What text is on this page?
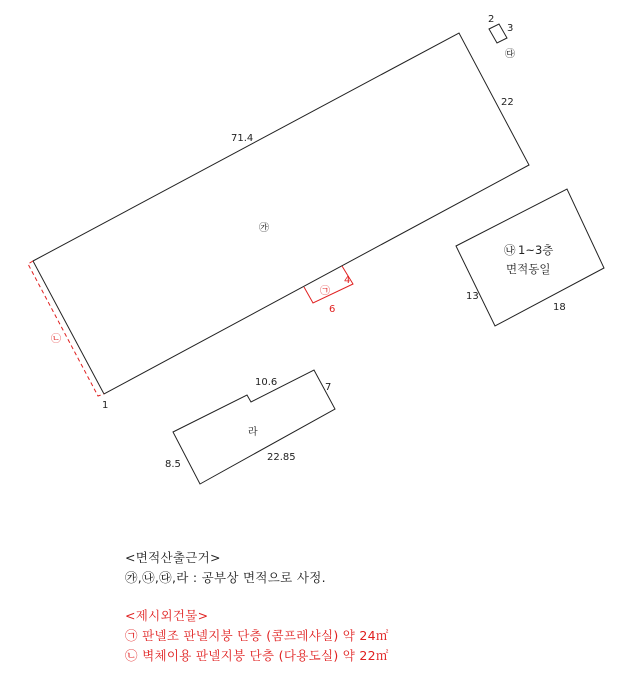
71.4
22
1
㉮
㉠
4
6
㉡
㉯ 1~3층
면적동일
13
18
2
3
㉰
10.6	7
라
8.5
22.85
<면적산출근거>
㉮,㉯,㉰,라 : 공부상 면적으로 사정.
<제시외건물>
㉠ 판넬조 판넬지붕 단층 (콤프레샤실) 약 24㎡
㉡ 벽체이용 판넬지붕 단층 (다용도실) 약 22㎡
